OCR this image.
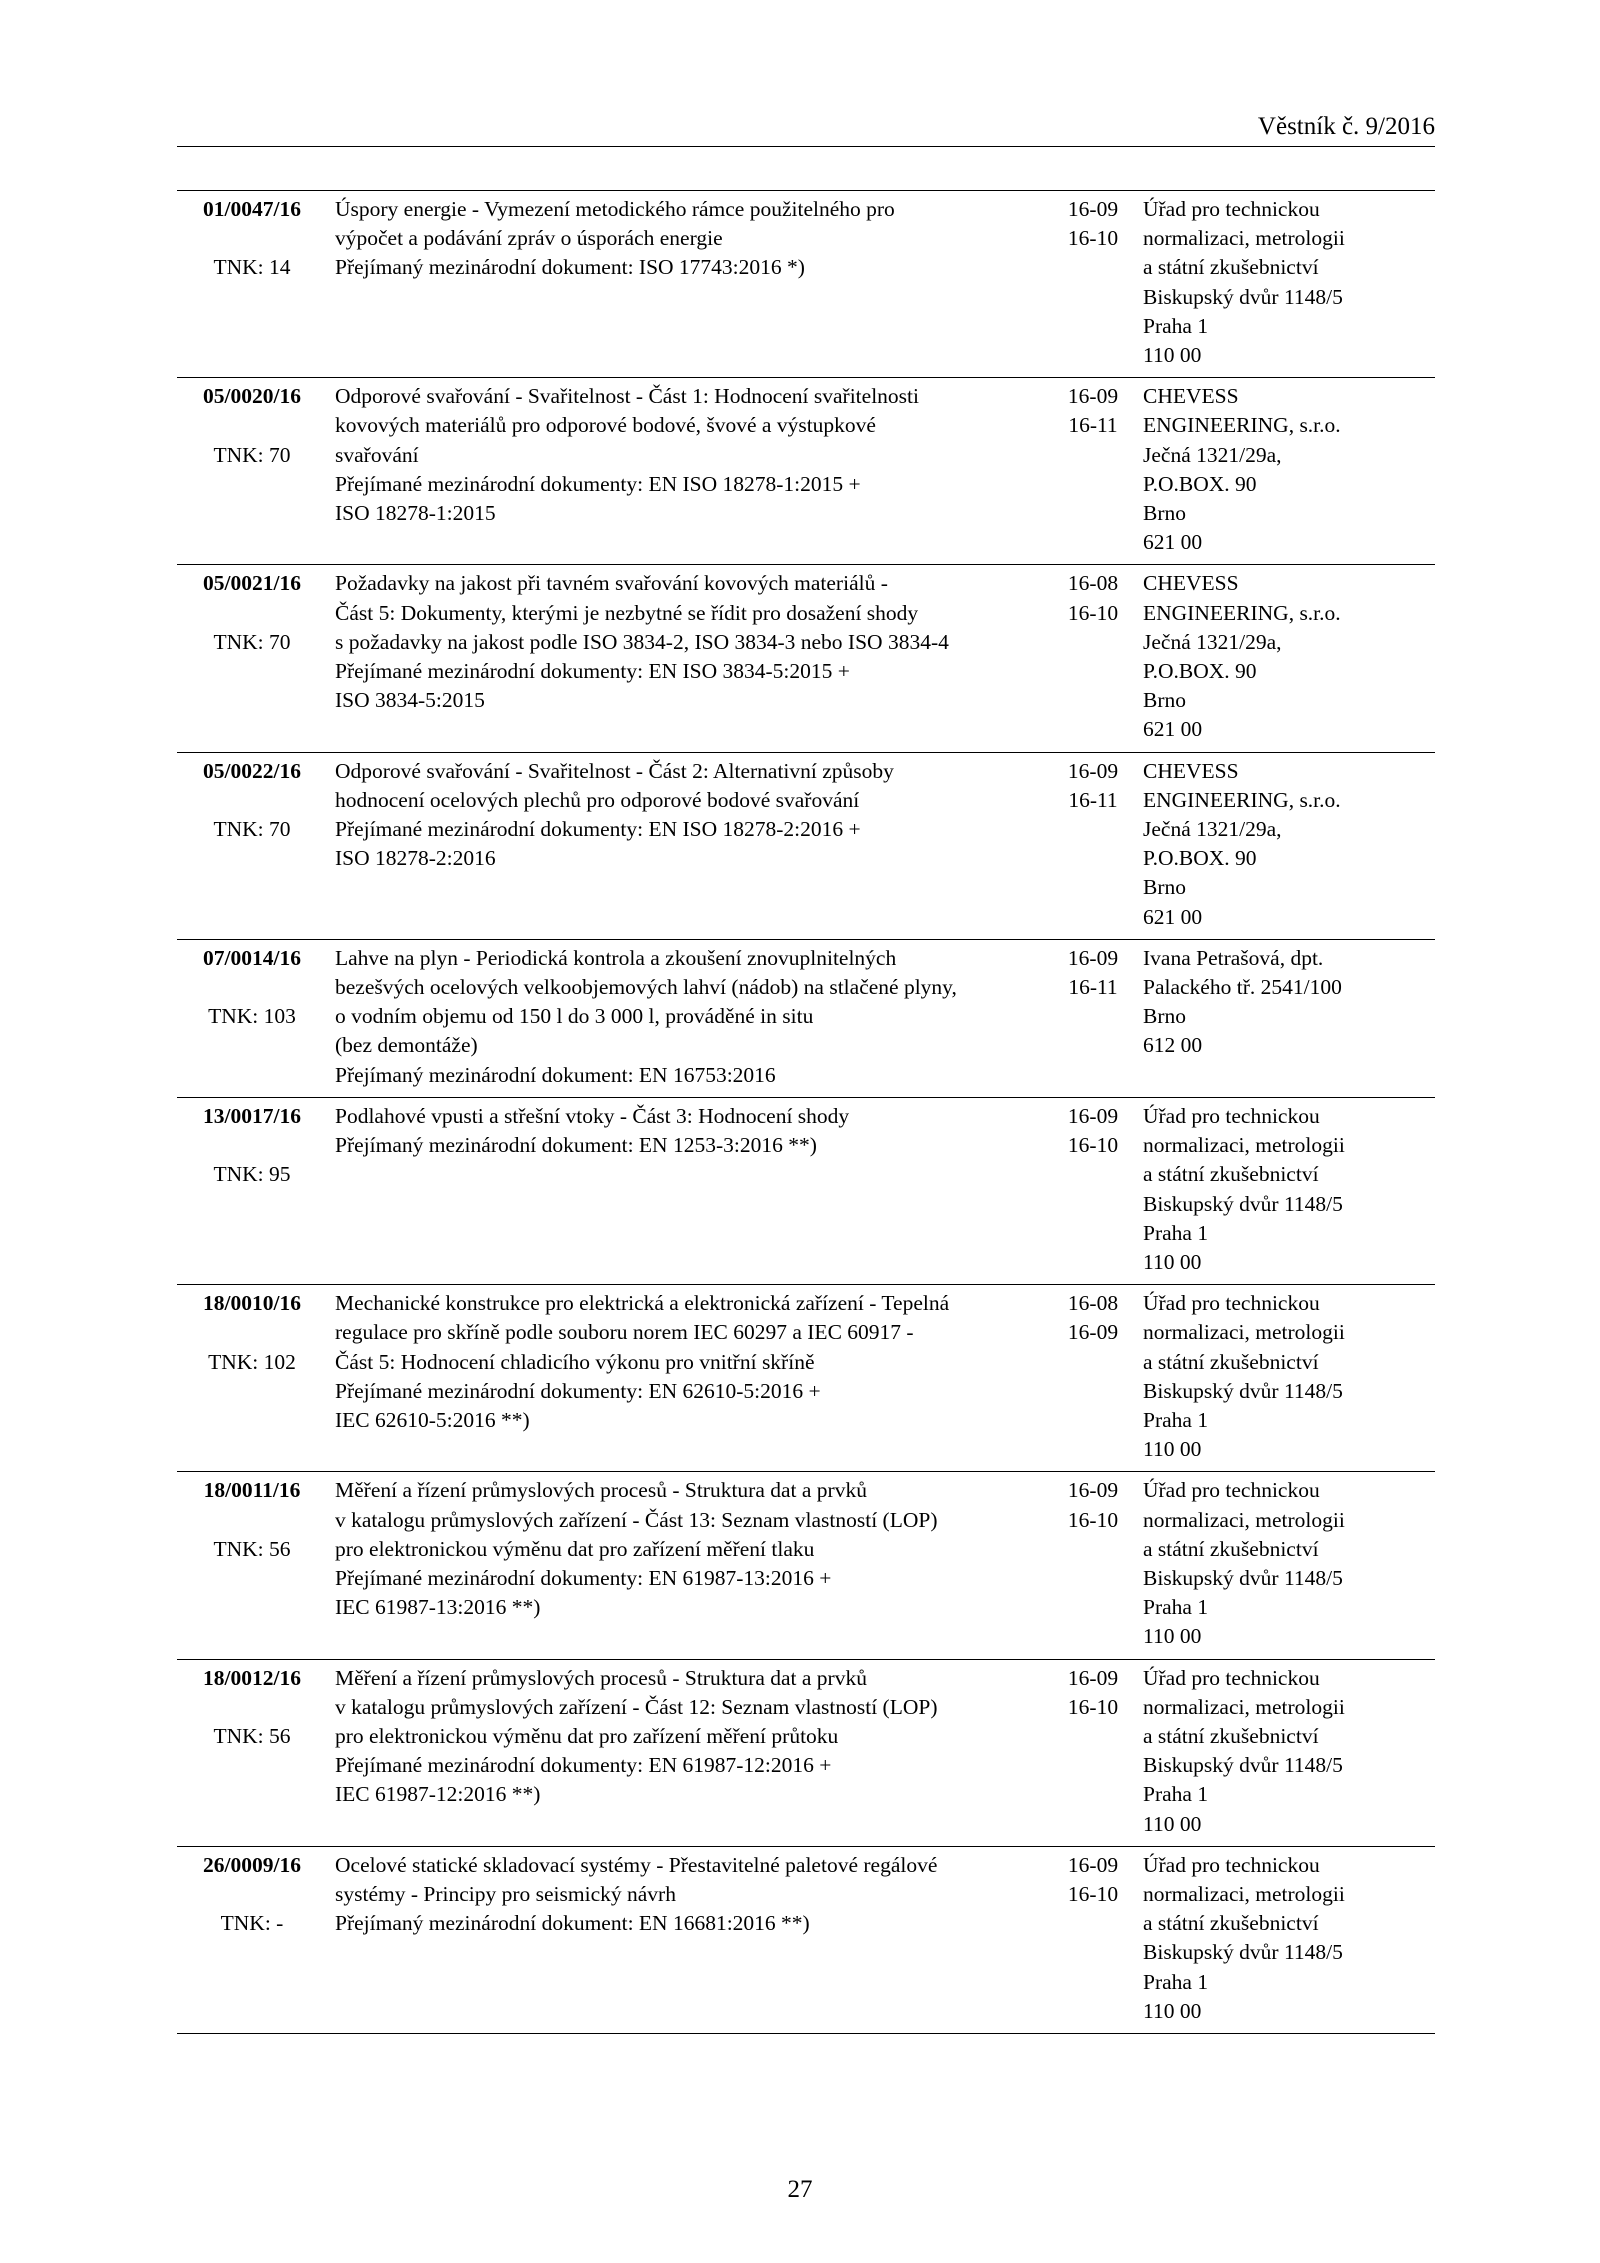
Věstník č. 9/2016
01/0047/16
TNK: 14
Úspory energie - Vymezení metodického rámce použitelného pro
výpočet a podávání zpráv o úsporách energie
Přejímaný mezinárodní dokument: ISO 17743:2016 *)
16-09
16-10
Úřad pro technickou
normalizaci, metrologii
a státní zkušebnictví
Biskupský dvůr 1148/5
Praha 1
110 00
05/0020/16
TNK: 70
Odporové svařování - Svařitelnost - Část 1: Hodnocení svařitelnosti
kovových materiálů pro odporové bodové, švové a výstupkové
svařování
Přejímané mezinárodní dokumenty: EN ISO 18278-1:2015 +
ISO 18278-1:2015
16-09
16-11
CHEVESS
ENGINEERING, s.r.o.
Ječná 1321/29a,
P.O.BOX. 90
Brno
621 00
05/0021/16
TNK: 70
Požadavky na jakost při tavném svařování kovových materiálů -
Část 5: Dokumenty, kterými je nezbytné se řídit pro dosažení shody
s požadavky na jakost podle ISO 3834-2, ISO 3834-3 nebo ISO 3834-4
Přejímané mezinárodní dokumenty: EN ISO 3834-5:2015 +
ISO 3834-5:2015
16-08
16-10
CHEVESS
ENGINEERING, s.r.o.
Ječná 1321/29a,
P.O.BOX. 90
Brno
621 00
05/0022/16
TNK: 70
Odporové svařování - Svařitelnost - Část 2: Alternativní způsoby
hodnocení ocelových plechů pro odporové bodové svařování
Přejímané mezinárodní dokumenty: EN ISO 18278-2:2016 +
ISO 18278-2:2016
16-09
16-11
CHEVESS
ENGINEERING, s.r.o.
Ječná 1321/29a,
P.O.BOX. 90
Brno
621 00
07/0014/16
TNK: 103
Lahve na plyn - Periodická kontrola a zkoušení znovuplnitelných
bezešvých ocelových velkoobjemových lahví (nádob) na stlačené plyny,
o vodním objemu od 150 l do 3 000 l, prováděné in situ
(bez demontáže)
Přejímaný mezinárodní dokument: EN 16753:2016
16-09
16-11
Ivana Petrašová, dpt.
Palackého tř. 2541/100
Brno
612 00
13/0017/16
TNK: 95
Podlahové vpusti a střešní vtoky - Část 3: Hodnocení shody
Přejímaný mezinárodní dokument: EN 1253-3:2016 **)
16-09
16-10
Úřad pro technickou
normalizaci, metrologii
a státní zkušebnictví
Biskupský dvůr 1148/5
Praha 1
110 00
18/0010/16
TNK: 102
Mechanické konstrukce pro elektrická a elektronická zařízení - Tepelná
regulace pro skříně podle souboru norem IEC 60297 a IEC 60917 -
Část 5: Hodnocení chladicího výkonu pro vnitřní skříně
Přejímané mezinárodní dokumenty: EN 62610-5:2016 +
IEC 62610-5:2016 **)
16-08
16-09
Úřad pro technickou
normalizaci, metrologii
a státní zkušebnictví
Biskupský dvůr 1148/5
Praha 1
110 00
18/0011/16
TNK: 56
Měření a řízení průmyslových procesů - Struktura dat a prvků
v katalogu průmyslových zařízení - Část 13: Seznam vlastností (LOP)
pro elektronickou výměnu dat pro zařízení měření tlaku
Přejímané mezinárodní dokumenty: EN 61987-13:2016 +
IEC 61987-13:2016 **)
16-09
16-10
Úřad pro technickou
normalizaci, metrologii
a státní zkušebnictví
Biskupský dvůr 1148/5
Praha 1
110 00
18/0012/16
TNK: 56
Měření a řízení průmyslových procesů - Struktura dat a prvků
v katalogu průmyslových zařízení - Část 12: Seznam vlastností (LOP)
pro elektronickou výměnu dat pro zařízení měření průtoku
Přejímané mezinárodní dokumenty: EN 61987-12:2016 +
IEC 61987-12:2016 **)
16-09
16-10
Úřad pro technickou
normalizaci, metrologii
a státní zkušebnictví
Biskupský dvůr 1148/5
Praha 1
110 00
26/0009/16
TNK: -
Ocelové statické skladovací systémy - Přestavitelné paletové regálové
systémy - Principy pro seismický návrh
Přejímaný mezinárodní dokument: EN 16681:2016 **)
16-09
16-10
Úřad pro technickou
normalizaci, metrologii
a státní zkušebnictví
Biskupský dvůr 1148/5
Praha 1
110 00
27
